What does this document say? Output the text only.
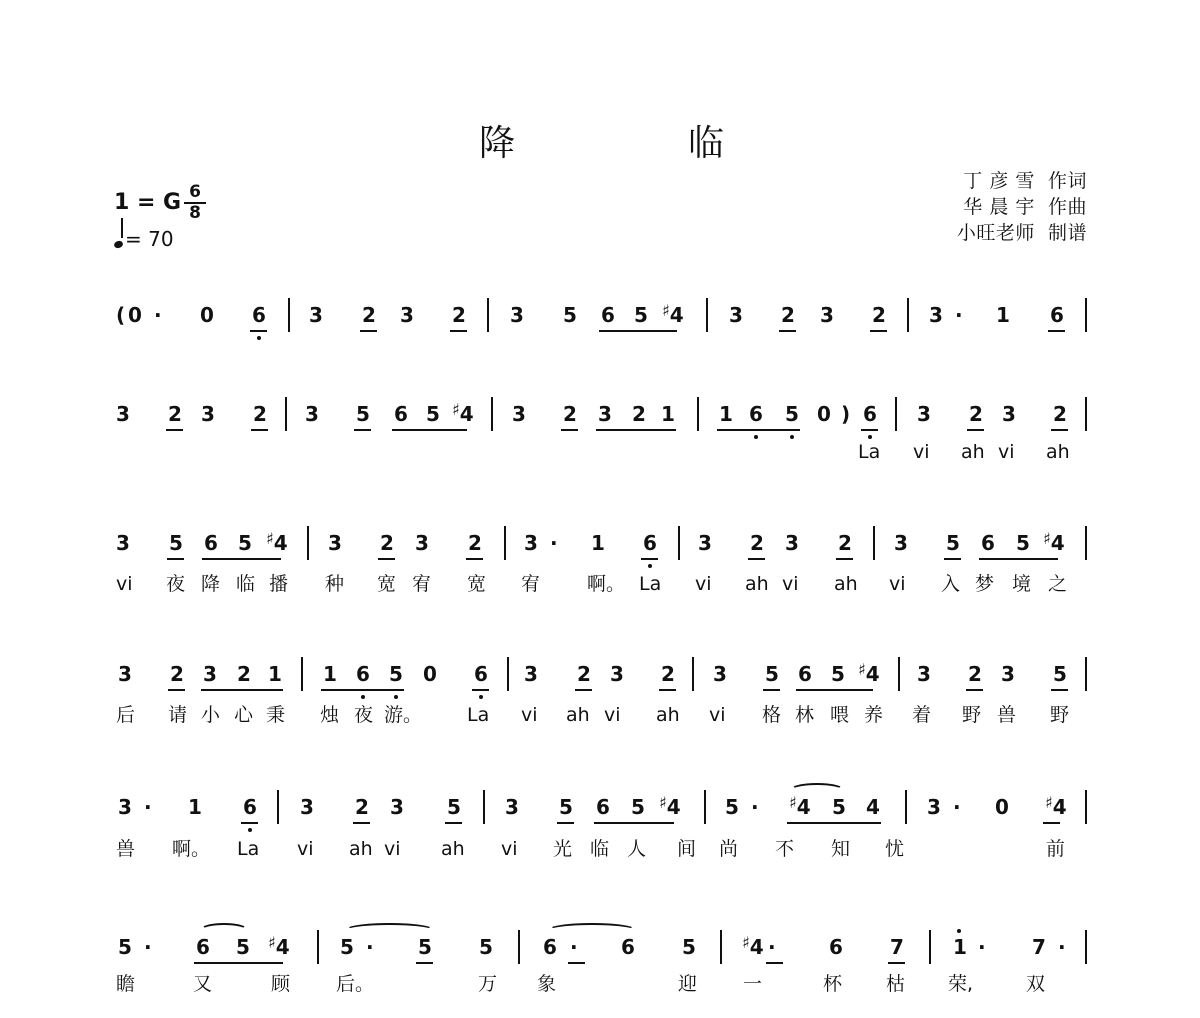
降	临
丁 彦 雪 作词
华 晨 宇 作曲
小旺老师 制谱
1 = G 6
8
= 70
( 0 · 0 6 3 2 3 2 3 5 6 5 ♯4 3 2 3 2 3 · 1 6
3 2 3 2 3 5 6 5 ♯4 3 2 3 2 1 1 6 5 0 ) 6 3 2 3 2
La vi ah vi ah
3 5 6 5 ♯4 3 2 3 2 3 · 1 6 3 2 3 2 3 5 6 5 ♯4
vi 夜 降 临 播 种 宽 宥 宽 宥 啊。 La vi ah vi ah vi 入 梦 境 之
3 2 3 2 1 1 6 5 0 6 3 2 3 2 3 5 6 5 ♯4 3 2 3 5
后 请 小 心 秉 烛 夜 游。 La vi ah vi ah vi 格 林 喂 养 着 野 兽 野
3 · 1 6 3 2 3 5 3 5 6 5 ♯4 5 · ♯4 5 4 3 · 0 ♯4
兽 啊。 La vi ah vi ah vi 光 临 人 间 尚 不 知 忧	前
5 · 6 5 ♯4	5 · 5 5	6 · 6 5	♯4 ·	6 7 1 · 7 ·
瞻	又	顾 后。	万 象	迎 一	杯 枯 荣,	双
